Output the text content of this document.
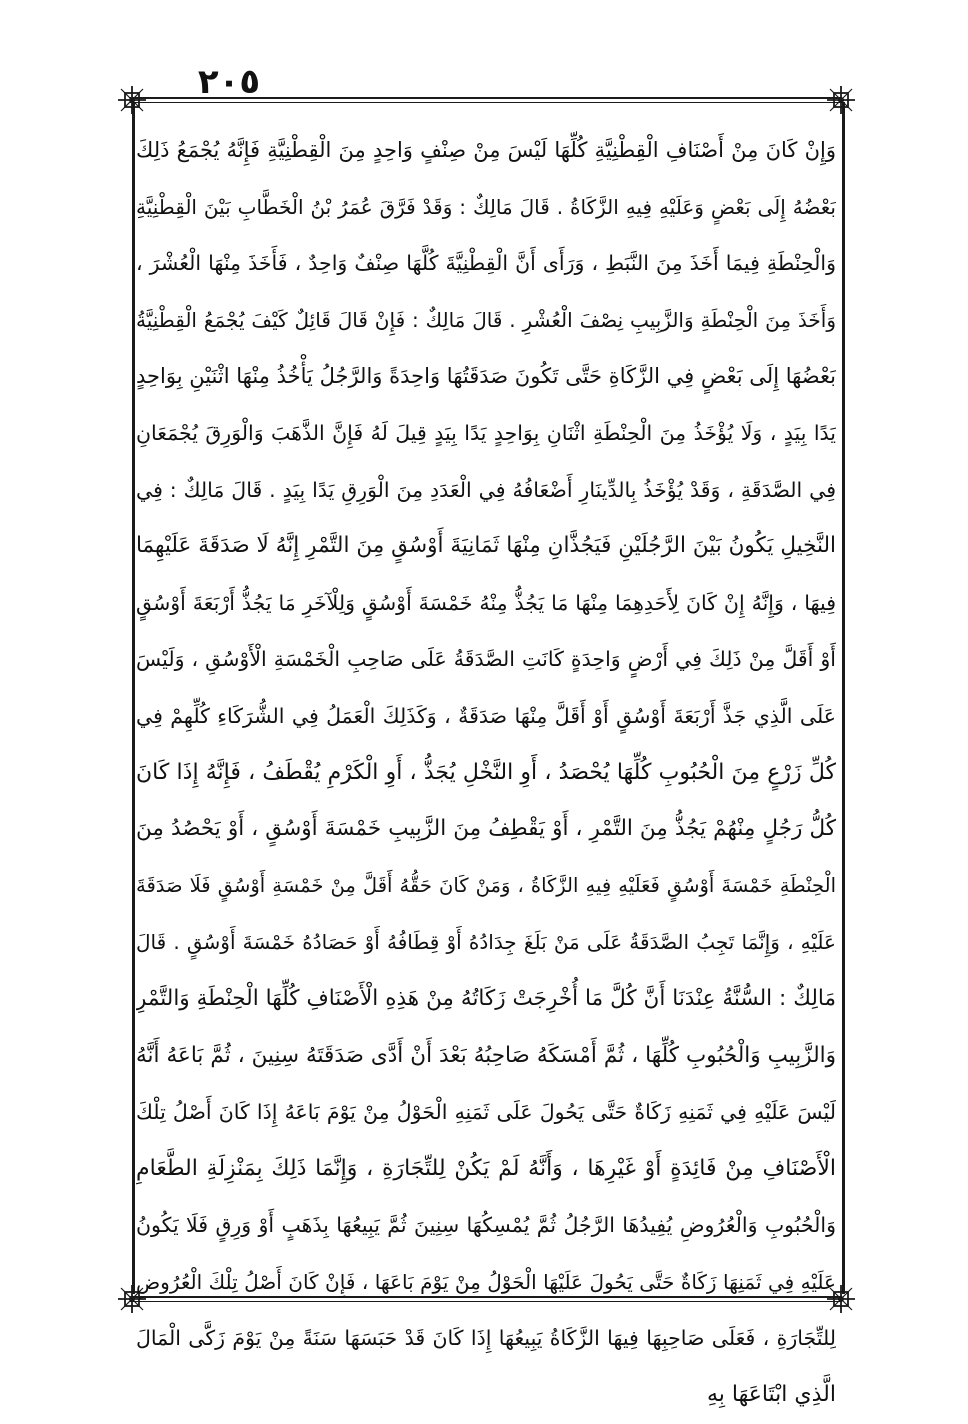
٢٠٥
وَإِنْ كَانَ مِنْ أَصْنَافِ الْقِطْنِيَّةِ كُلِّهَا لَيْسَ مِنْ صِنْفٍ وَاحِدٍ مِنَ الْقِطْنِيَّةِ فَإِنَّهُ يُجْمَعُ ذَلِكَ
بَعْضُهُ إِلَى بَعْضٍ وَعَلَيْهِ فِيهِ الزَّكَاةُ . قَالَ مَالِكٌ : وَقَدْ فَرَّقَ عُمَرُ بْنُ الْخَطَّابِ بَيْنَ الْقِطْنِيَّةِ
وَالْحِنْطَةِ فِيمَا أَخَذَ مِنَ النَّبَطِ ، وَرَأَى أَنَّ الْقِطْنِيَّةَ كُلَّهَا صِنْفٌ وَاحِدٌ ، فَأَخَذَ مِنْهَا الْعُشْرَ ،
وَأَخَذَ مِنَ الْحِنْطَةِ وَالزَّبِيبِ نِصْفَ الْعُشْرِ . قَالَ مَالِكٌ : فَإِنْ قَالَ قَائِلٌ كَيْفَ يُجْمَعُ الْقِطْنِيَّةُ
بَعْضُهَا إِلَى بَعْضٍ فِي الزَّكَاةِ حَتَّى تَكُونَ صَدَقَتُهَا وَاحِدَةً وَالرَّجُلُ يَأْخُذُ مِنْهَا اثْنَيْنِ بِوَاحِدٍ
يَدًا بِيَدٍ ، وَلَا يُؤْخَذُ مِنَ الْحِنْطَةِ اثْنَانِ بِوَاحِدٍ يَدًا بِيَدٍ قِيلَ لَهُ فَإِنَّ الذَّهَبَ وَالْوَرِقَ يُجْمَعَانِ
فِي الصَّدَقَةِ ، وَقَدْ يُؤْخَذُ بِالدِّينَارِ أَضْعَافُهُ فِي الْعَدَدِ مِنَ الْوَرِقِ يَدًا بِيَدٍ . قَالَ مَالِكٌ : فِي
النَّخِيلِ يَكُونُ بَيْنَ الرَّجُلَيْنِ فَيَجُذَّانِ مِنْهَا ثَمَانِيَةَ أَوْسُقٍ مِنَ التَّمْرِ إِنَّهُ لَا صَدَقَةَ عَلَيْهِمَا
فِيهَا ، وَإِنَّهُ إِنْ كَانَ لِأَحَدِهِمَا مِنْهَا مَا يَجُذُّ مِنْهُ خَمْسَةَ أَوْسُقٍ وَلِلْآخَرِ مَا يَجُذُّ أَرْبَعَةَ أَوْسُقٍ
أَوْ أَقَلَّ مِنْ ذَلِكَ فِي أَرْضٍ وَاحِدَةٍ كَانَتِ الصَّدَقَةُ عَلَى صَاحِبِ الْخَمْسَةِ الْأَوْسُقِ ، وَلَيْسَ
عَلَى الَّذِي جَذَّ أَرْبَعَةَ أَوْسُقٍ أَوْ أَقَلَّ مِنْهَا صَدَقَةٌ ، وَكَذَلِكَ الْعَمَلُ فِي الشُّرَكَاءِ كُلِّهِمْ فِي
كُلِّ زَرْعٍ مِنَ الْحُبُوبِ كُلِّهَا يُحْصَدُ ، أَوِ النَّخْلِ يُجَذُّ ، أَوِ الْكَرْمِ يُقْطَفُ ، فَإِنَّهُ إِذَا كَانَ
كُلُّ رَجُلٍ مِنْهُمْ يَجُذُّ مِنَ التَّمْرِ ، أَوْ يَقْطِفُ مِنَ الزَّبِيبِ خَمْسَةَ أَوْسُقٍ ، أَوْ يَحْصُدُ مِنَ
الْحِنْطَةِ خَمْسَةَ أَوْسُقٍ فَعَلَيْهِ فِيهِ الزَّكَاةُ ، وَمَنْ كَانَ حَقُّهُ أَقَلَّ مِنْ خَمْسَةِ أَوْسُقٍ فَلَا صَدَقَةَ
عَلَيْهِ ، وَإِنَّمَا تَجِبُ الصَّدَقَةُ عَلَى مَنْ بَلَغَ جِدَادُهُ أَوْ قِطَافُهُ أَوْ حَصَادُهُ خَمْسَةَ أَوْسُقٍ . قَالَ
مَالِكٌ : السُّنَّةُ عِنْدَنَا أَنَّ كُلَّ مَا أُخْرِجَتْ زَكَاتُهُ مِنْ هَذِهِ الْأَصْنَافِ كُلِّهَا الْحِنْطَةِ وَالتَّمْرِ
وَالزَّبِيبِ وَالْحُبُوبِ كُلِّهَا ، ثُمَّ أَمْسَكَهُ صَاحِبُهُ بَعْدَ أَنْ أَدَّى صَدَقَتَهُ سِنِينَ ، ثُمَّ بَاعَهُ أَنَّهُ
لَيْسَ عَلَيْهِ فِي ثَمَنِهِ زَكَاةٌ حَتَّى يَحُولَ عَلَى ثَمَنِهِ الْحَوْلُ مِنْ يَوْمَ بَاعَهُ إِذَا كَانَ أَصْلُ تِلْكَ
الْأَصْنَافِ مِنْ فَائِدَةٍ أَوْ غَيْرِهَا ، وَأَنَّهُ لَمْ يَكُنْ لِلتِّجَارَةِ ، وَإِنَّمَا ذَلِكَ بِمَنْزِلَةِ الطَّعَامِ
وَالْحُبُوبِ وَالْعُرُوضِ يُفِيدُهَا الرَّجُلُ ثُمَّ يُمْسِكُهَا سِنِينَ ثُمَّ يَبِيعُهَا بِذَهَبٍ أَوْ وَرِقٍ فَلَا يَكُونُ
عَلَيْهِ فِي ثَمَنِهَا زَكَاةٌ حَتَّى يَحُولَ عَلَيْهَا الْحَوْلُ مِنْ يَوْمَ بَاعَهَا ، فَإِنْ كَانَ أَصْلُ تِلْكَ الْعُرُوضِ
لِلتِّجَارَةِ ، فَعَلَى صَاحِبِهَا فِيهَا الزَّكَاةُ يَبِيعُهَا إِذَا كَانَ قَدْ حَبَسَهَا سَنَةً مِنْ يَوْمَ زَكَّى الْمَالَ
الَّذِي ابْتَاعَهَا بِهِ
